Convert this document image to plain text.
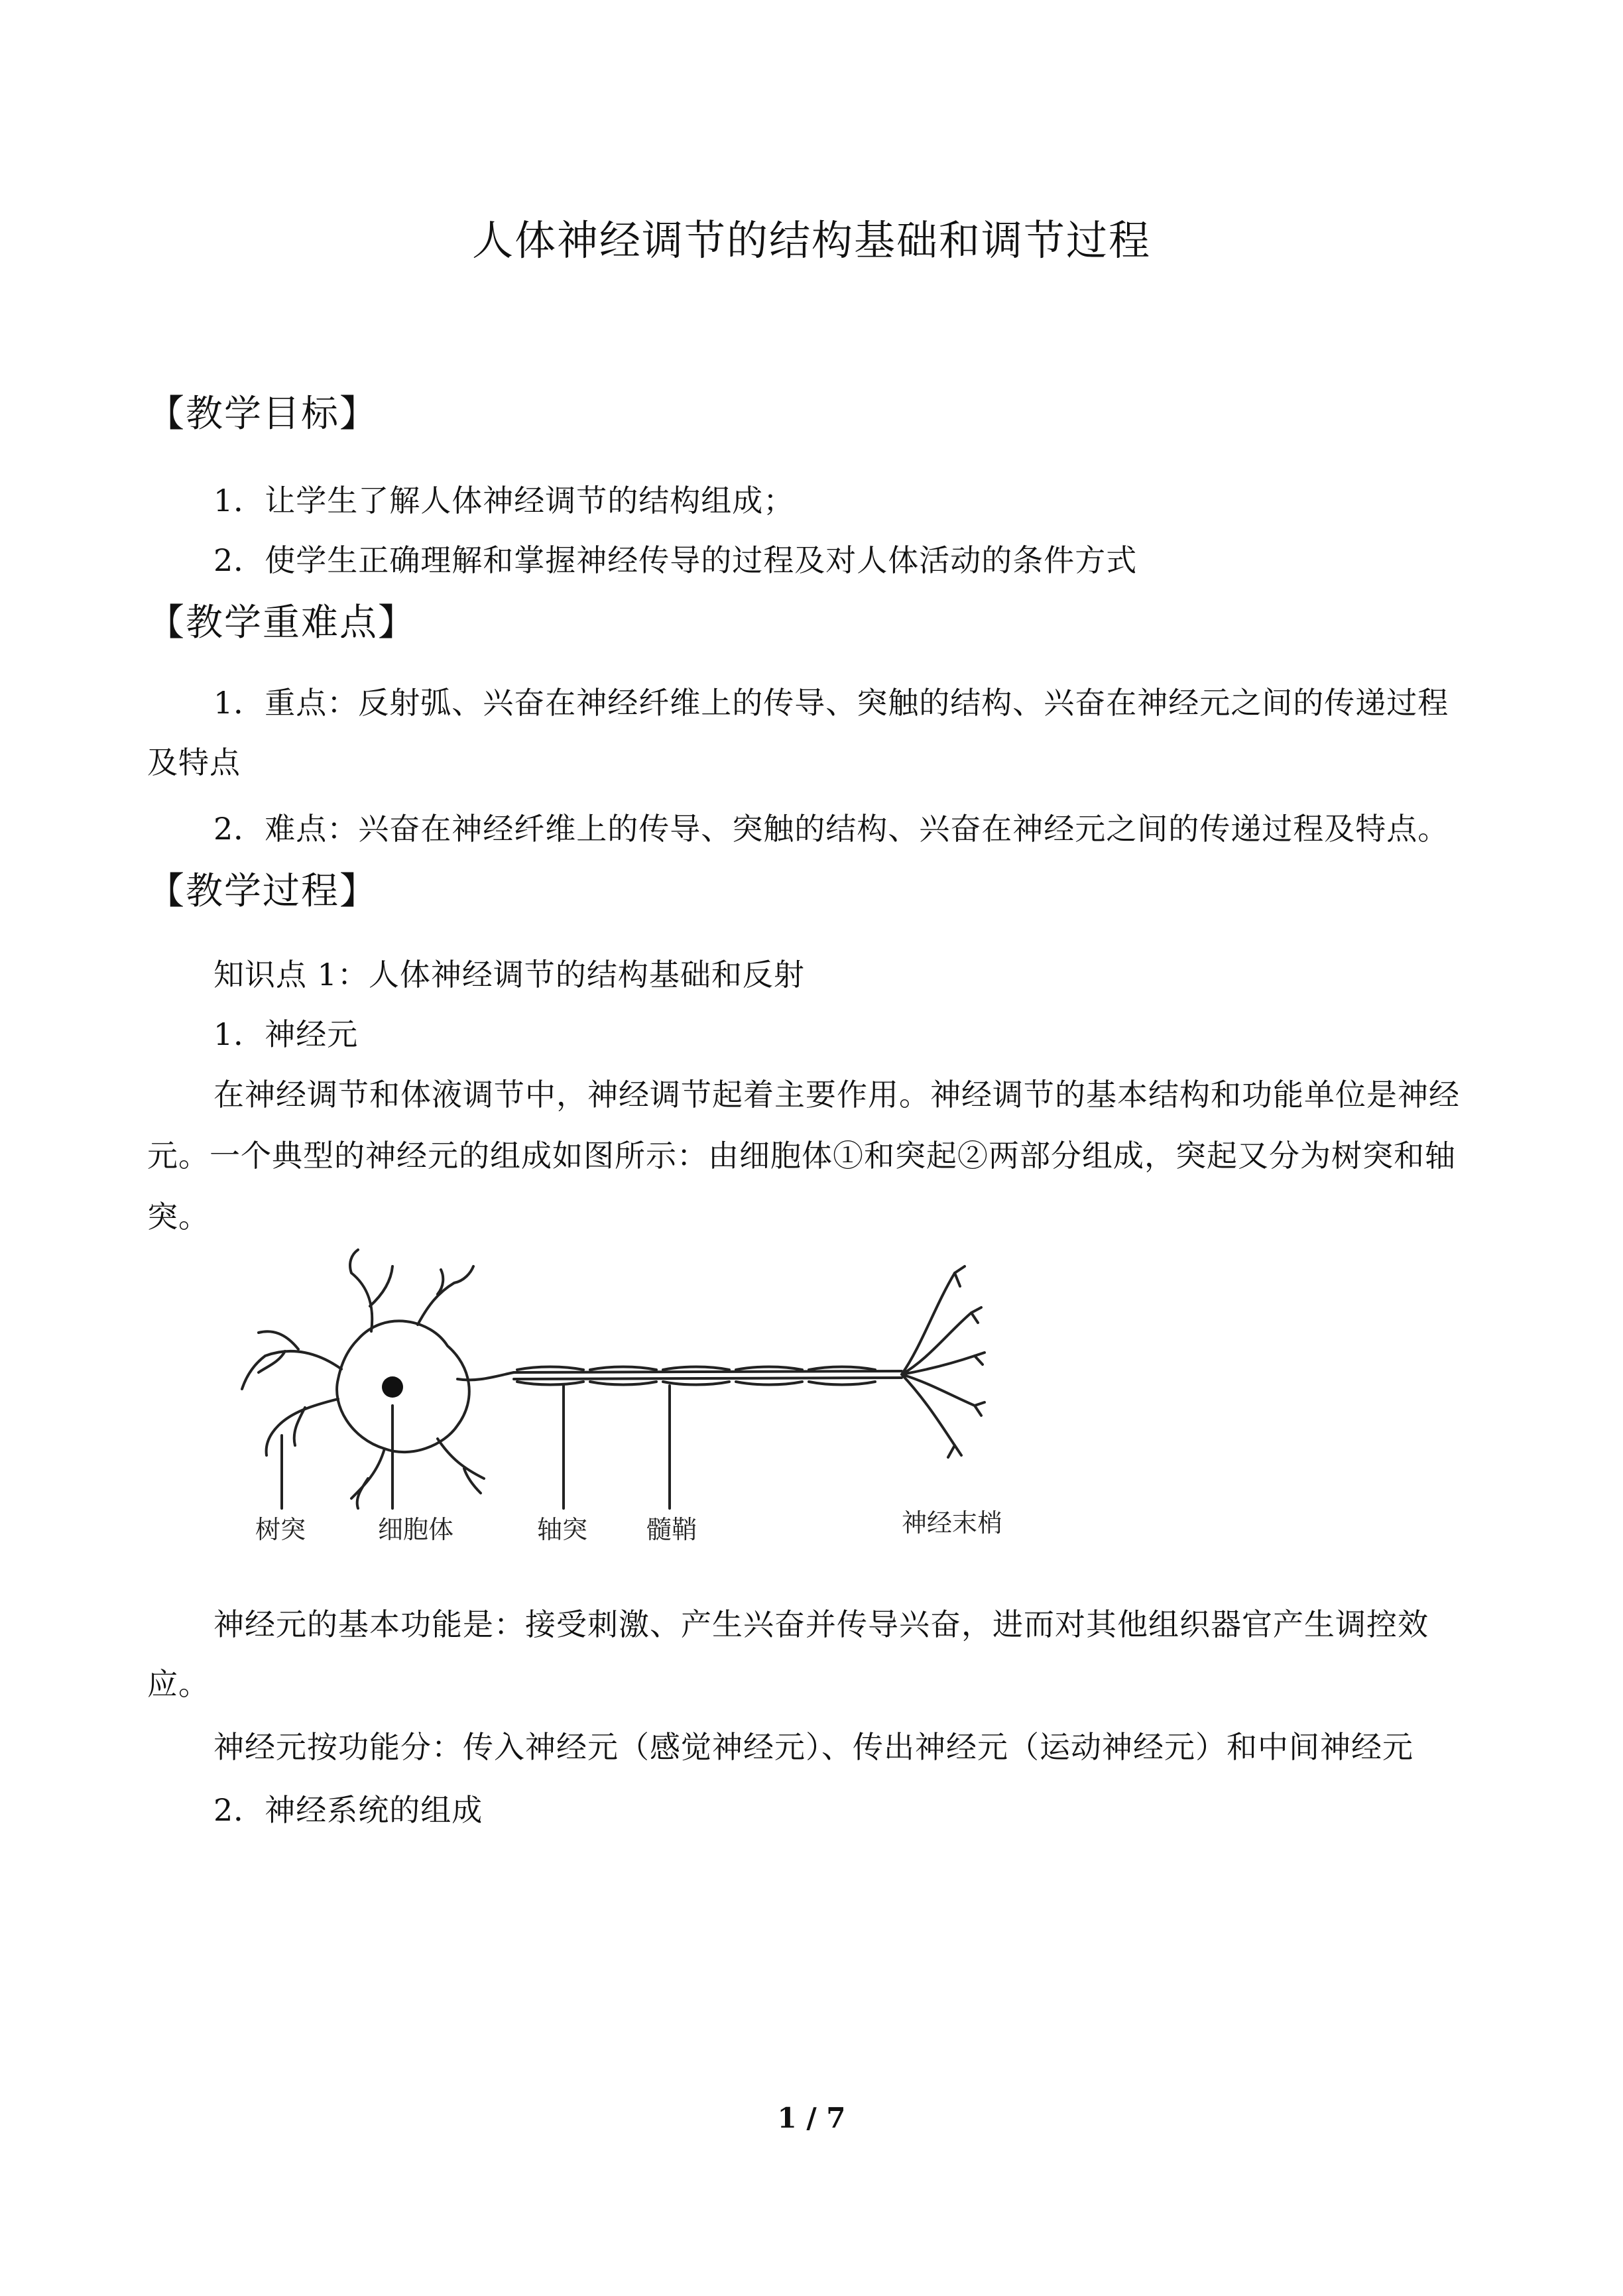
人体神经调节的结构基础和调节过程
【教学目标】

1．让学生了解人体神经调节的结构组成；

2．使学生正确理解和掌握神经传导的过程及对人体活动的条件方式

【教学重难点】

1．重点：反射弧、兴奋在神经纤维上的传导、突触的结构、兴奋在神经元之间的传递过程及特点

2．难点：兴奋在神经纤维上的传导、突触的结构、兴奋在神经元之间的传递过程及特点。

【教学过程】

知识点 1：人体神经调节的结构基础和反射

1．神经元

在神经调节和体液调节中，神经调节起着主要作用。神经调节的基本结构和功能单位是神经元。一个典型的神经元的组成如图所示：由细胞体①和突起②两部分组成，突起又分为树突和轴突。

树突	细胞体	轴突 髓鞘	神经末梢

神经元的基本功能是：接受刺激、产生兴奋并传导兴奋，进而对其他组织器官产生调控效应。

神经元按功能分：传入神经元（感觉神经元）、传出神经元（运动神经元）和中间神经元

2．神经系统的组成

1 / 7
